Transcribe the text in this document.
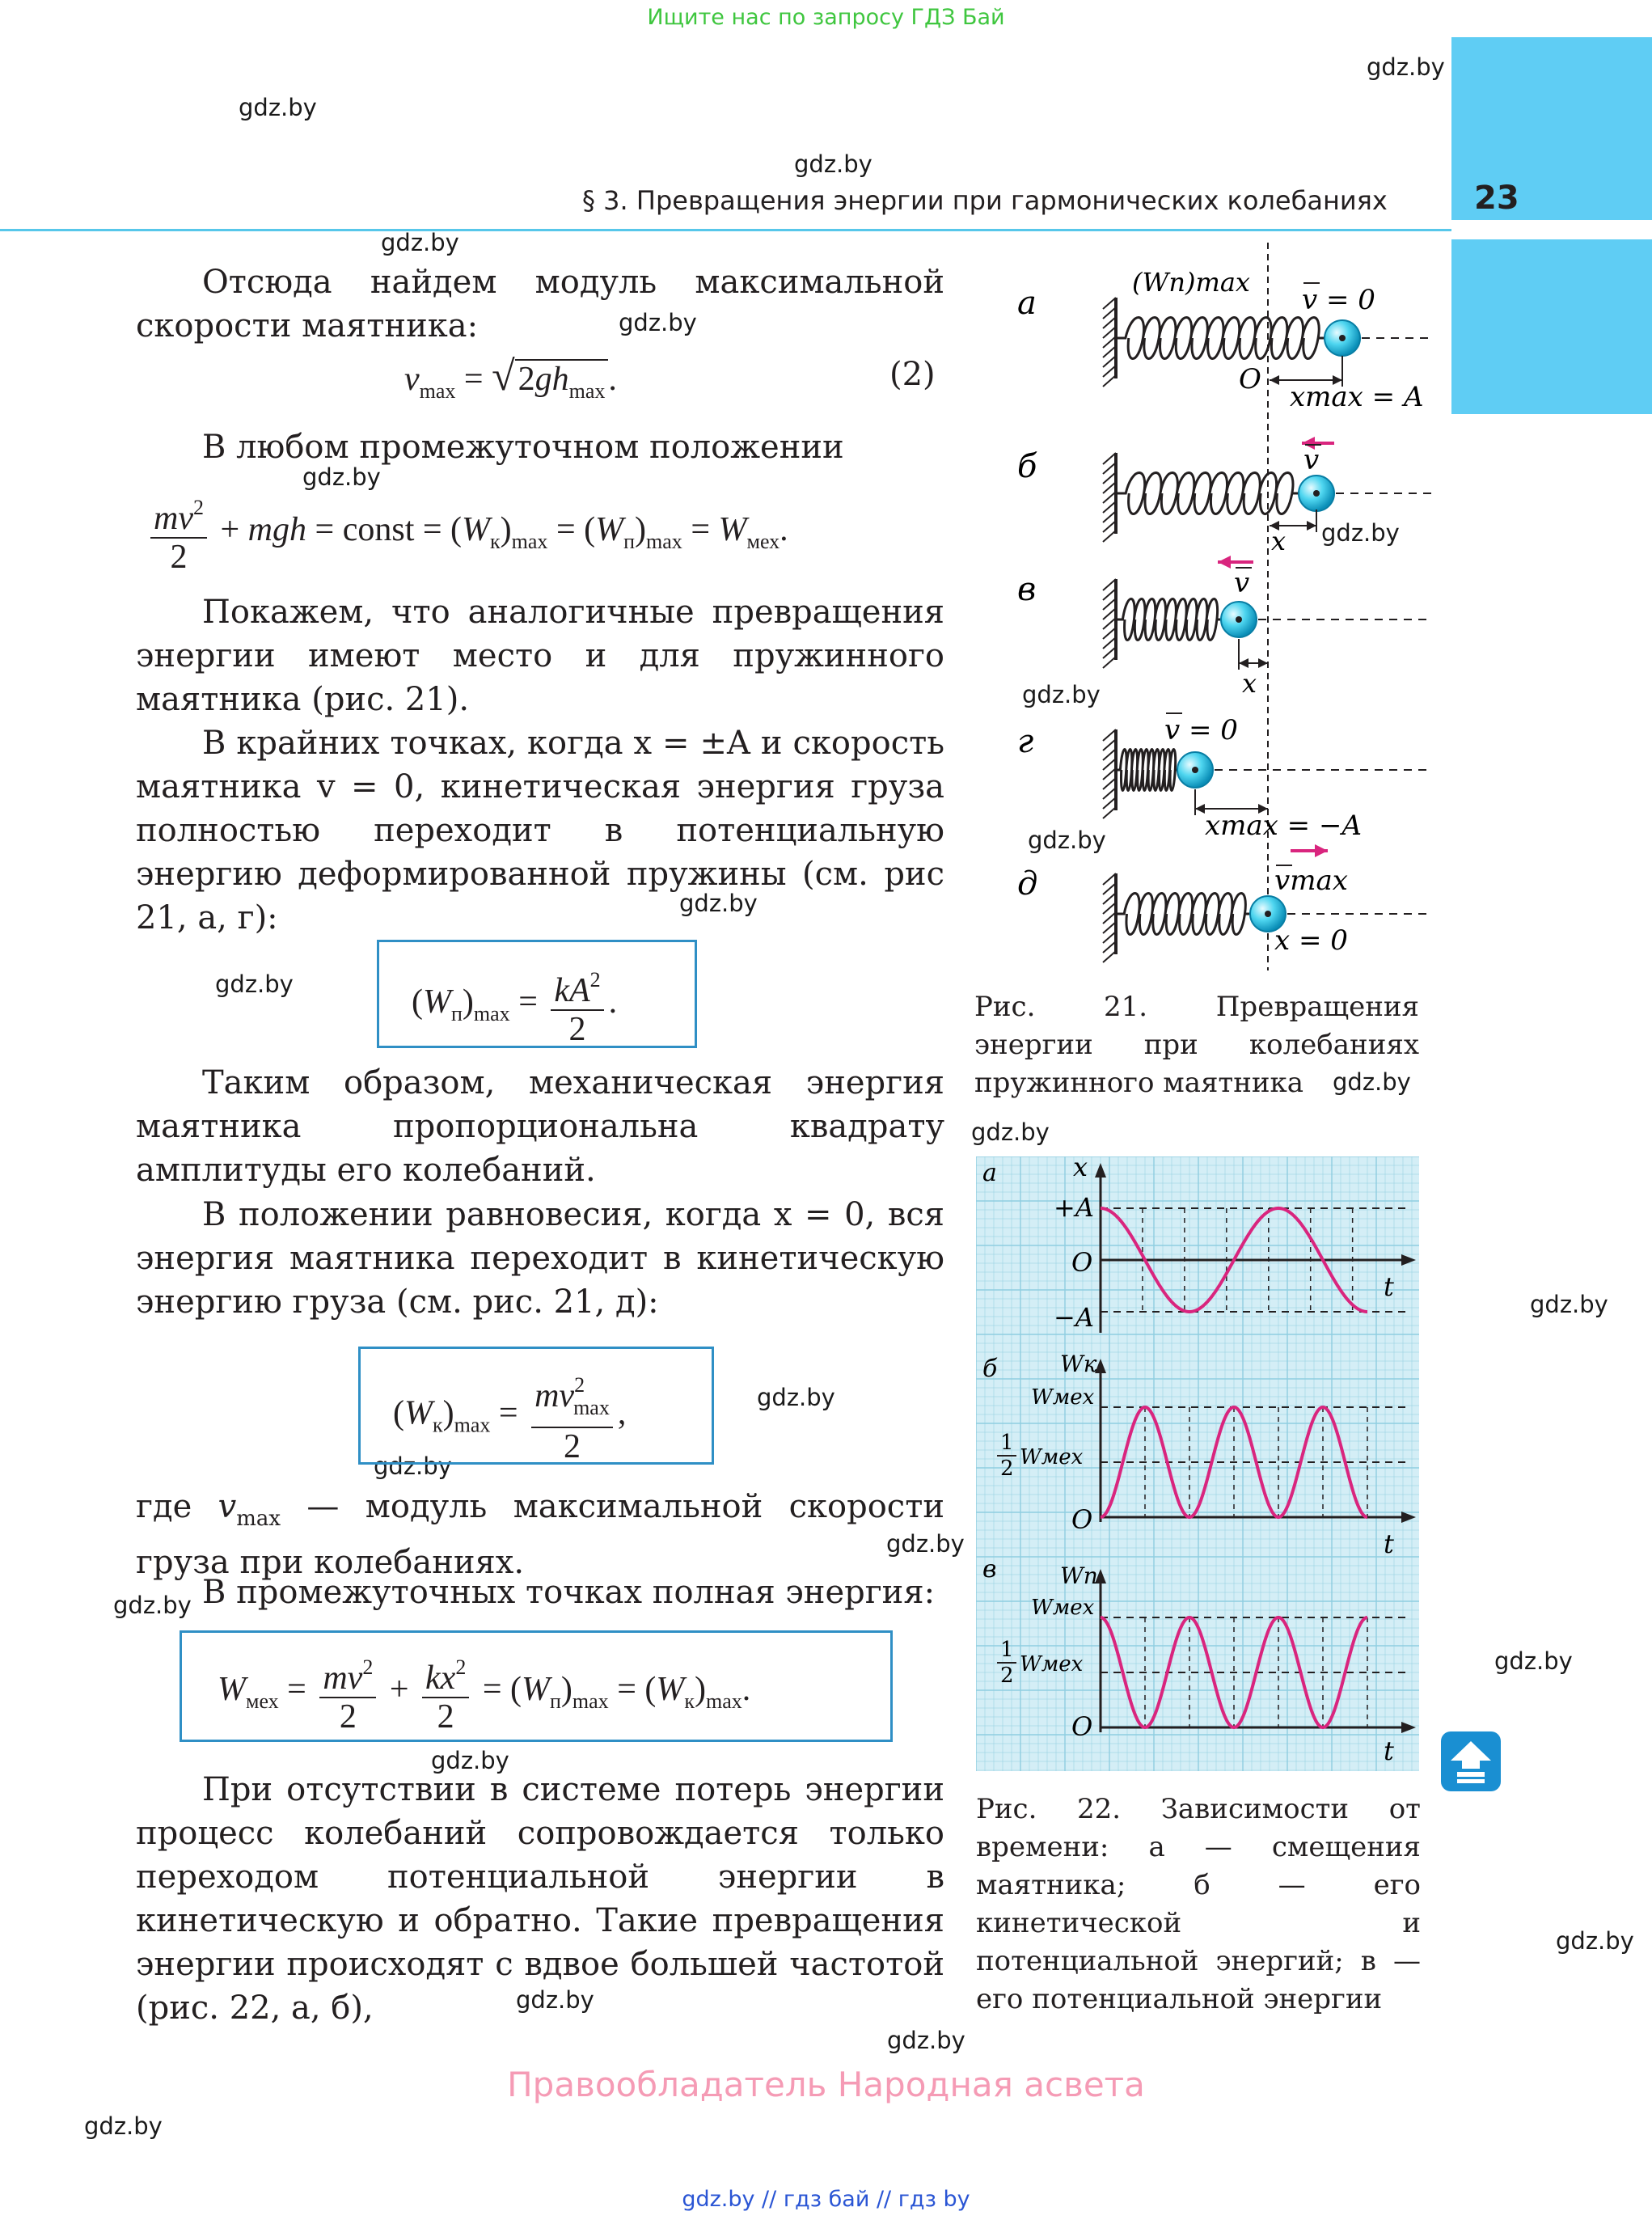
Ищите нас по запросу ГДЗ Бай
23
§ 3. Превращения энергии при гармонических колебаниях
gdz.by
gdz.by
gdz.by
gdz.by
gdz.by
gdz.by
gdz.by
gdz.by
gdz.by
gdz.by
gdz.by
gdz.by
gdz.by
gdz.by
gdz.by
gdz.by
gdz.by
gdz.by
gdz.by
gdz.by
gdz.by
gdz.by
gdz.by
gdz.by

Отсюда найдем модуль максимальной скорости маятника:

$v_{max} = √2gh_{max}$.	(2)

В любом промежуточном положении

$\frac{mv^2}{2}$ + mgh = const = $(W_к)_{max} = (W_п)_{max} = W_{мех}$.

Покажем, что аналогичные превращения энергии имеют место и для пружинного маятника (рис. 21).

В крайних точках, когда x = ±A и скорость маятника v = 0, кинетическая энергия груза полностью переходит в потенциальную энергию деформированной пружины (см. рис 21, а, г):

$(W_п)_{max} = \frac{kA^2}{2}$ .

Таким образом, механическая энергия маятника пропорциональна квадрату амплитуды его колебаний.

В положении равновесия, когда x = 0, вся энергия маятника переходит в кинетическую энергию груза (см. рис. 21, д):

$(W_к)_{max} = \frac{mv^2_{max}}{2}$ ,

где $v_{max}$ — модуль максимальной скорости груза при колебаниях.

В промежуточных точках полная энергия:

$W_{мех} = \frac{mv^2}{2} + \frac{kx^2}{2} = (W_п)_{max} = (W_к)_{max}$.

При отсутствии в системе потерь энергии процесс колебаний сопровождается только переходом потенциальной энергии в кинетическую и обратно. Такие превращения энергии происходят с вдвое большей частотой (рис. 22, а, б),

а
б
в
г
д
(Wп)max
v = 0
O
xmax = A
v
x
v
x
v = 0
xmax = −A
vmax
x = 0

Рис. 21. Превращения энергии при колебаниях пружинного маятника

а	x
+A
O
−A
t
б	Wк
Wмех
1
2 Wмех
O
t
в	Wп
Wмех
1
2 Wмех
O
t

Рис. 22. Зависимости от времени: а — смещения маятника; б — его кинетической и потенциальной энергий; в — его потенциальной энергии

Правообладатель Народная асвета
gdz.by // гдз бай // гдз by
